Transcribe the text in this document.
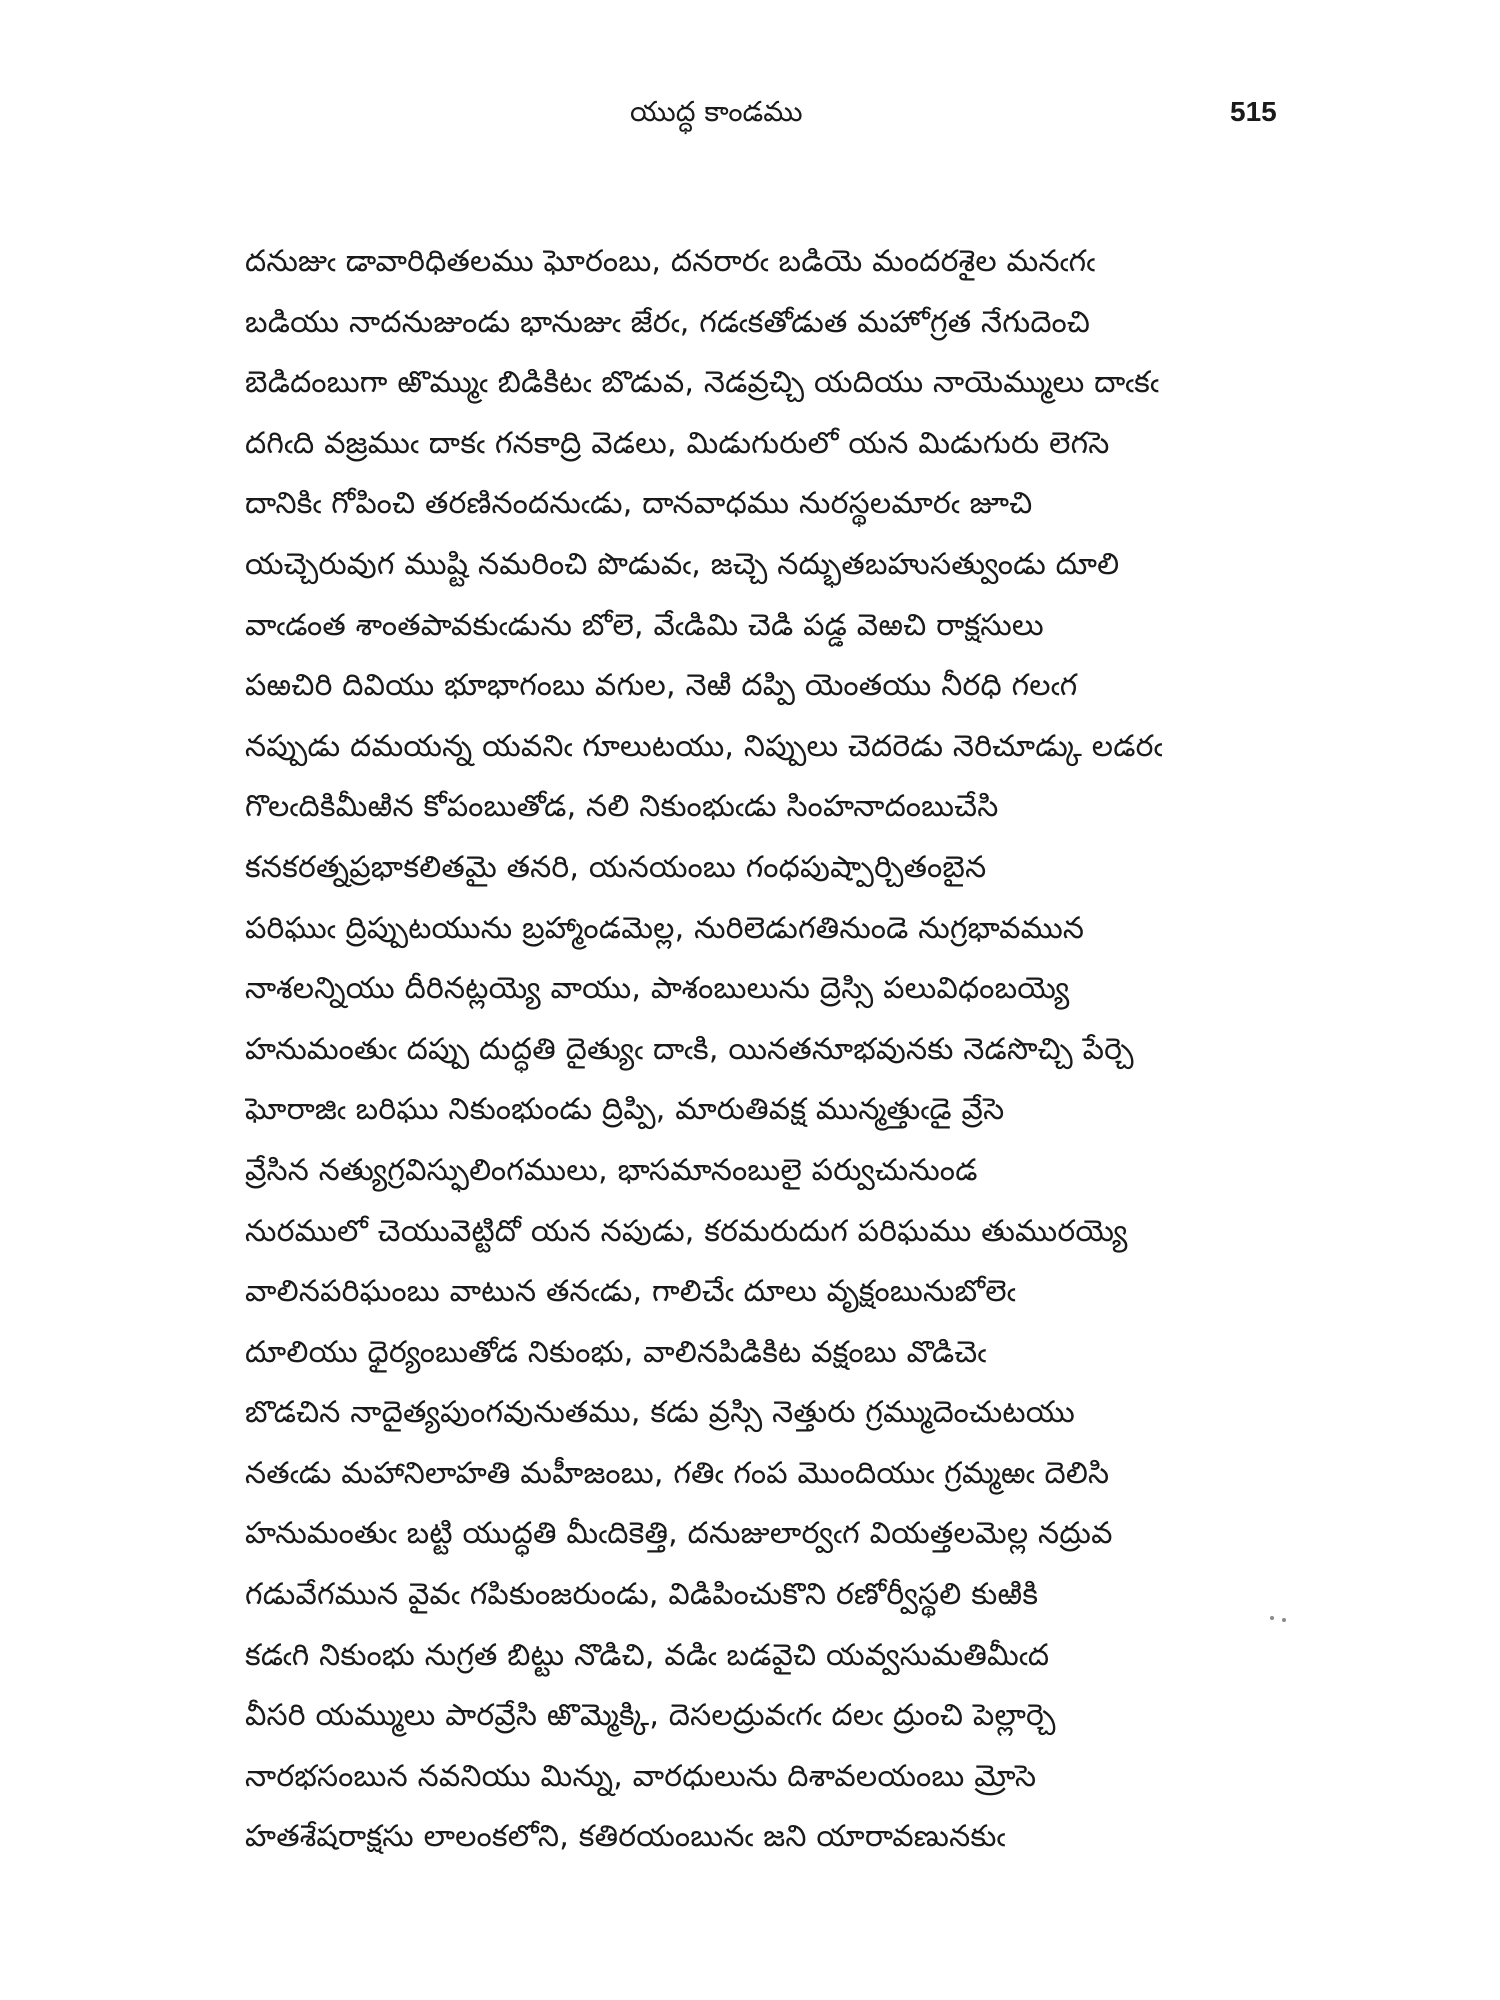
యుద్ధ కాండము	515
దనుజుఁ డావారిధితలము ఘోరంబు, దనరారఁ బడియె మందరశైల మనఁగఁ
బడియు నాదనుజుండు భానుజుఁ జేరఁ, గడఁకతోడుత మహోగ్రత నేగుదెంచి
బెడిదంబుగా ఱొమ్ముఁ బిడికిటఁ బొడువ, నెడవ్రచ్చి యదియు నాయెమ్ములు దాఁకఁ
దగిఁది వజ్రముఁ దాకఁ గనకాద్రి వెడలు, మిడుగురులో యన మిడుగురు లెగసె
దానికిఁ గోపించి తరణినందనుఁడు, దానవాధము నురస్థలమారఁ జూచి
యచ్చెరువుగ ముష్టి నమరించి పొడువఁ, జచ్చె నద్భుతబహుసత్వుండు దూలి
వాఁడంత శాంతపావకుఁడును బోలె, వేఁడిమి చెడి పడ్డ వెఱచి రాక్షసులు
పఱచిరి దివియు భూభాగంబు వగుల, నెఱి దప్పి యెంతయు నీరధి గలఁగ
నప్పుడు దమయన్న యవనిఁ గూలుటయు, నిప్పులు చెదరెడు నెరిచూడ్కు లడరఁ
గొలఁదికిమీఱిన కోపంబుతోడ, నలి నికుంభుఁడు సింహనాదంబుచేసి
కనకరత్నప్రభాకలితమై తనరి, యనయంబు గంధపుష్పార్చితంబైన
పరిఘుఁ ద్రిప్పుటయును బ్రహ్మాండమెల్ల, నురిలెడుగతినుండె నుగ్రభావమున
నాశలన్నియు దీరినట్లయ్యె వాయు, పాశంబులును ద్రెస్సి పలువిధంబయ్యె
హనుమంతుఁ దప్పు దుద్ధతి దైత్యుఁ దాఁకి, యినతనూభవునకు నెడసొచ్చి పేర్చె
ఘోరాజిఁ బరిఘు నికుంభుండు ద్రిప్పి, మారుతివక్ష మున్మత్తుఁడై వ్రేసె
వ్రేసిన నత్యుగ్రవిస్ఫులింగములు, భాసమానంబులై పర్వుచునుండ
నురములో చెయువెట్టిదో యన నపుడు, కరమరుదుగ పరిఘము తుమురయ్యె
వాలినపరిఘంబు వాటున తనఁడు, గాలిచేఁ దూలు వృక్షంబునుబోలెఁ
దూలియు ధైర్యంబుతోడ నికుంభు, వాలినపిడికిట వక్షంబు వొడిచెఁ
బొడచిన నాదైత్యపుంగవునుతము, కడు వ్రస్సి నెత్తురు గ్రమ్ముదెంచుటయు
నతఁడు మహానిలాహతి మహీజంబు, గతిఁ గంప మొందియుఁ గ్రమ్మఱఁ దెలిసి
హనుమంతుఁ బట్టి యుద్ధతి మీఁదికెత్తి, దనుజులార్వఁగ వియత్తలమెల్ల నద్రువ
గడువేగమున వైవఁ గపికుంజరుండు, విడిపించుకొని రణోర్వీస్థలి కుఱికి
కడఁగి నికుంభు నుగ్రత బిట్టు నొడిచి, వడిఁ బడవైచి యవ్వసుమతిమీఁద
వీసరి యమ్ములు పారవ్రేసి ఱొమ్మెక్కి, దెసలద్రువఁగఁ దలఁ ద్రుంచి పెల్లార్చె
నారభసంబున నవనియు మిన్ను, వారధులును దిశావలయంబు మ్రోసె
హతశేషరాక్షసు లాలంకలోని, కతిరయంబునఁ జని యారావణునకుఁ
